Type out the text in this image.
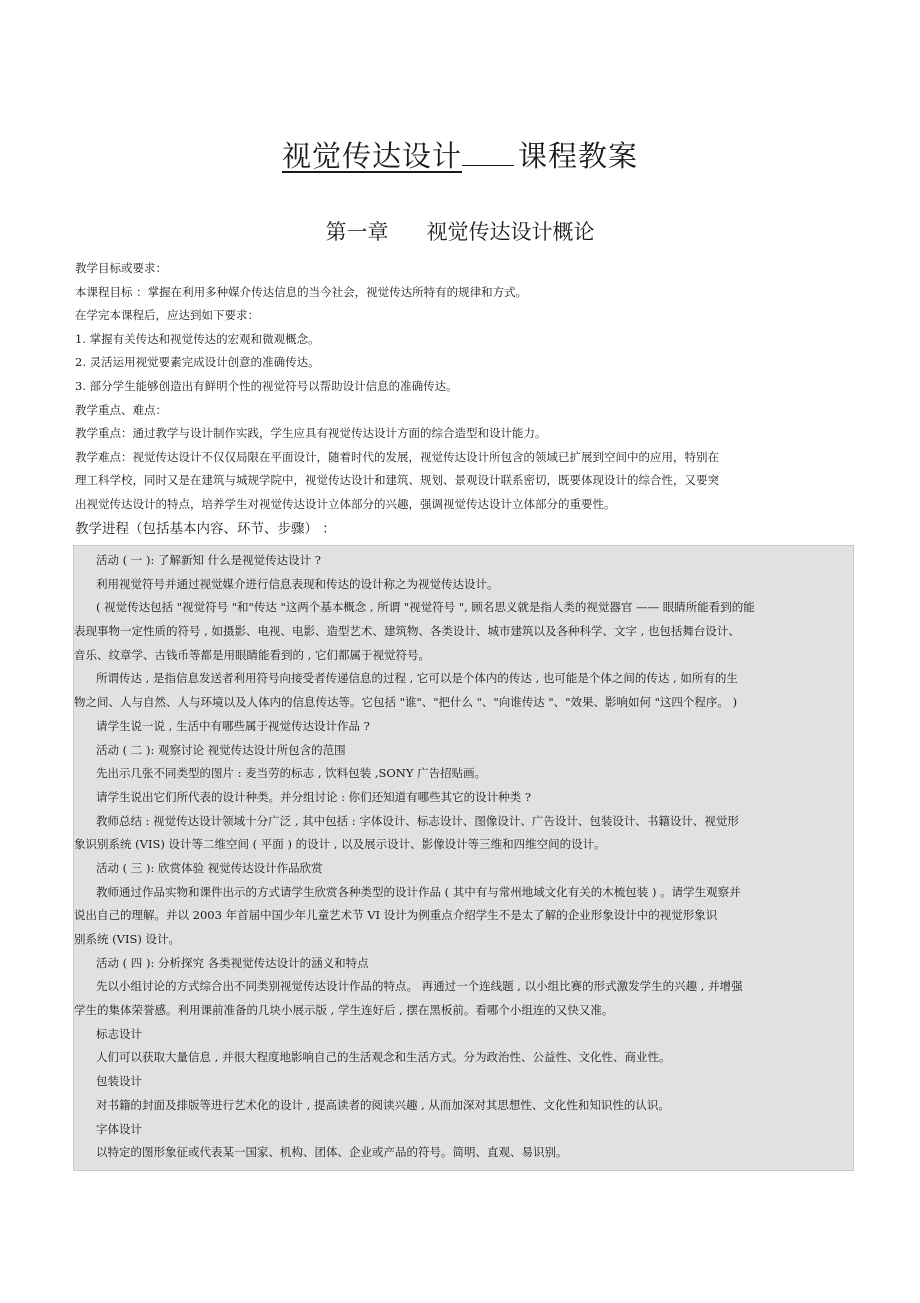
视觉传达设计 课程教案
第一章 视觉传达设计概论
教学目标或要求：
本课程目标 ：掌握在利用多种媒介传达信息的当今社会，视觉传达所特有的规律和方式。
在学完本课程后，应达到如下要求：
1. 掌握有关传达和视觉传达的宏观和微观概念。
2. 灵活运用视觉要素完成设计创意的准确传达。
3. 部分学生能够创造出有鲜明个性的视觉符号以帮助设计信息的准确传达。
教学重点、难点：
教学重点：通过教学与设计制作实践，学生应具有视觉传达设计方面的综合造型和设计能力。
教学难点：视觉传达设计不仅仅局限在平面设计，随着时代的发展，视觉传达设计所包含的领域已扩展到空间中的应用，特别在
理工科学校，同时又是在建筑与城规学院中，视觉传达设计和建筑、规划、景观设计联系密切，既要体现设计的综合性，又要突
出视觉传达设计的特点，培养学生对视觉传达设计立体部分的兴趣，强调视觉传达设计立体部分的重要性。
教学进程（包括基本内容、环节、步骤） ：
活动 ( 一 ): 了解新知 什么是视觉传达设计 ?
利用视觉符号并通过视觉媒介进行信息表现和传达的设计称之为视觉传达设计。
( 视觉传达包括 "视觉符号 "和"传达 "这两个基本概念 , 所谓 "视觉符号 ", 顾名思义就是指人类的视觉器官 —— 眼睛所能看到的能
表现事物一定性质的符号 , 如摄影、电视、电影、造型艺术、建筑物、各类设计、城市建筑以及各种科学、文字 , 也包括舞台设计、
音乐、纹章学、古钱币等都是用眼睛能看到的 , 它们都属于视觉符号。
所谓传达 , 是指信息发送者利用符号向接受者传递信息的过程 , 它可以是个体内的传达 , 也可能是个体之间的传达 , 如所有的生
物之间、人与自然、人与环境以及人体内的信息传达等。它包括 "谁"、"把什么 "、"向谁传达 "、"效果、影响如何 "这四个程序。 )
请学生说一说 , 生活中有哪些属于视觉传达设计作品 ?
活动 ( 二 ): 观察讨论 视觉传达设计所包含的范围
先出示几张不同类型的图片 : 麦当劳的标志 , 饮料包装 ,SONY 广告招贴画。
请学生说出它们所代表的设计种类。并分组讨论 : 你们还知道有哪些其它的设计种类 ?
教师总结 : 视觉传达设计领域十分广泛 , 其中包括 : 字体设计、标志设计、图像设计、广告设计、包装设计、书籍设计、视觉形
象识别系统 (VIS) 设计等二维空间 ( 平面 ) 的设计 , 以及展示设计、影像设计等三维和四维空间的设计。
活动 ( 三 ): 欣赏体验 视觉传达设计作品欣赏
教师通过作品实物和课件出示的方式请学生欣赏各种类型的设计作品 ( 其中有与常州地域文化有关的木梳包装 ) 。请学生观察并
说出自己的理解。并以 2003 年首届中国少年儿童艺术节 VI 设计为例重点介绍学生不是太了解的企业形象设计中的视觉形象识
别系统 (VIS) 设计。
活动 ( 四 ): 分析探究 各类视觉传达设计的涵义和特点
先以小组讨论的方式综合出不同类别视觉传达设计作品的特点。 再通过一个连线题 , 以小组比赛的形式激发学生的兴趣 , 并增强
学生的集体荣誉感。利用课前准备的几块小展示版 , 学生连好后 , 摆在黑板前。看哪个小组连的又快又准。
标志设计
人们可以获取大量信息 , 并很大程度地影响自己的生活观念和生活方式。分为政治性、公益性、文化性、商业性。
包装设计
对书籍的封面及排版等进行艺术化的设计 , 提高读者的阅读兴趣 , 从而加深对其思想性、文化性和知识性的认识。
字体设计
以特定的图形象征或代表某一国家、机构、团体、企业或产品的符号。简明、直观、易识别。
